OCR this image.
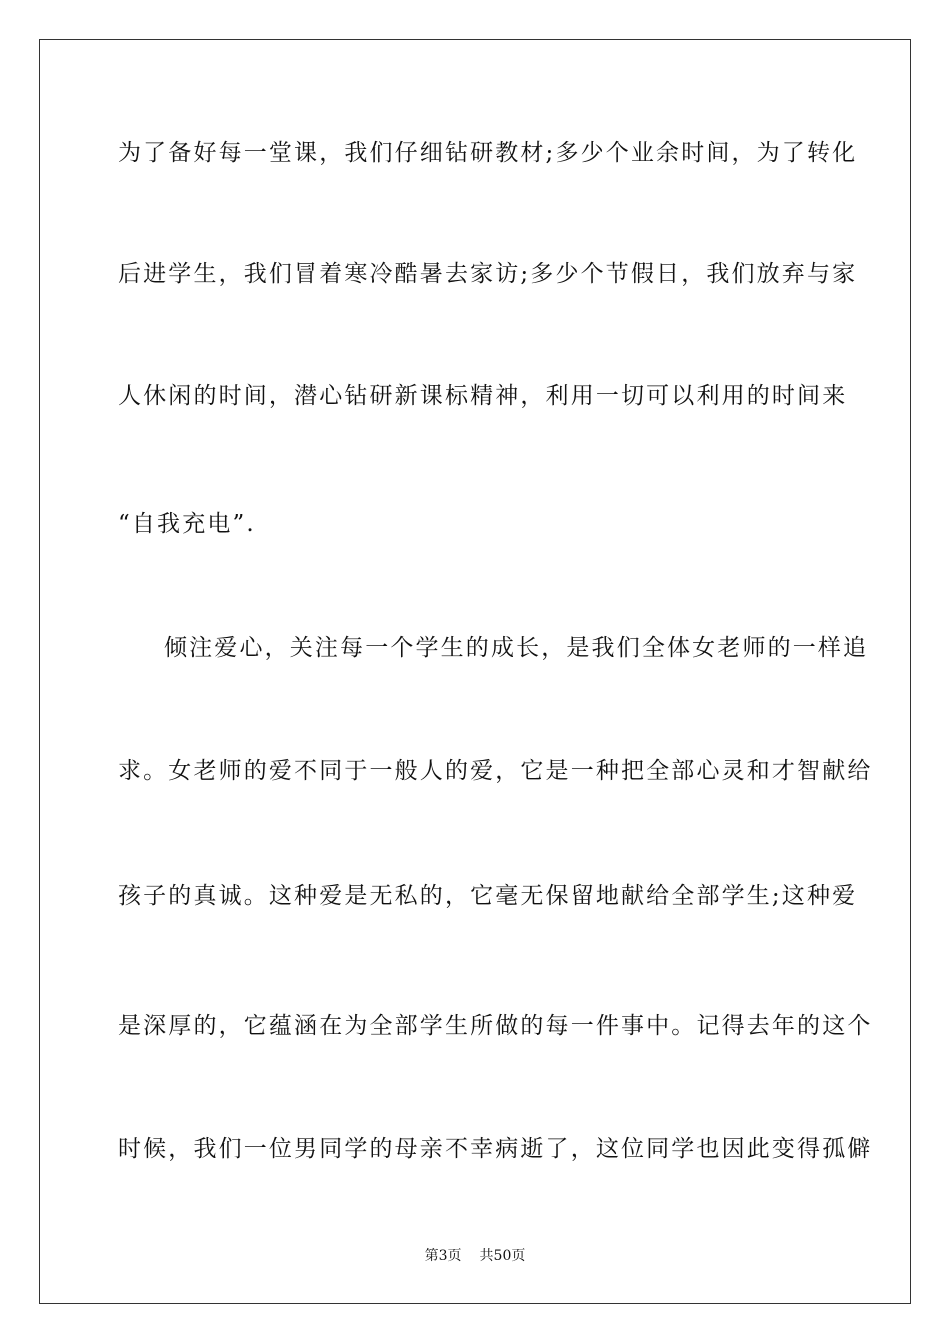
为了备好每一堂课，我们仔细钻研教材;多少个业余时间，为了转化
后进学生，我们冒着寒冷酷暑去家访;多少个节假日，我们放弃与家
人休闲的时间，潜心钻研新课标精神，利用一切可以利用的时间来
“自我充电”.
倾注爱心，关注每一个学生的成长，是我们全体女老师的一样追
求。女老师的爱不同于一般人的爱，它是一种把全部心灵和才智献给
孩子的真诚。这种爱是无私的，它毫无保留地献给全部学生;这种爱
是深厚的，它蕴涵在为全部学生所做的每一件事中。记得去年的这个
时候，我们一位男同学的母亲不幸病逝了，这位同学也因此变得孤僻
第3页 共50页
